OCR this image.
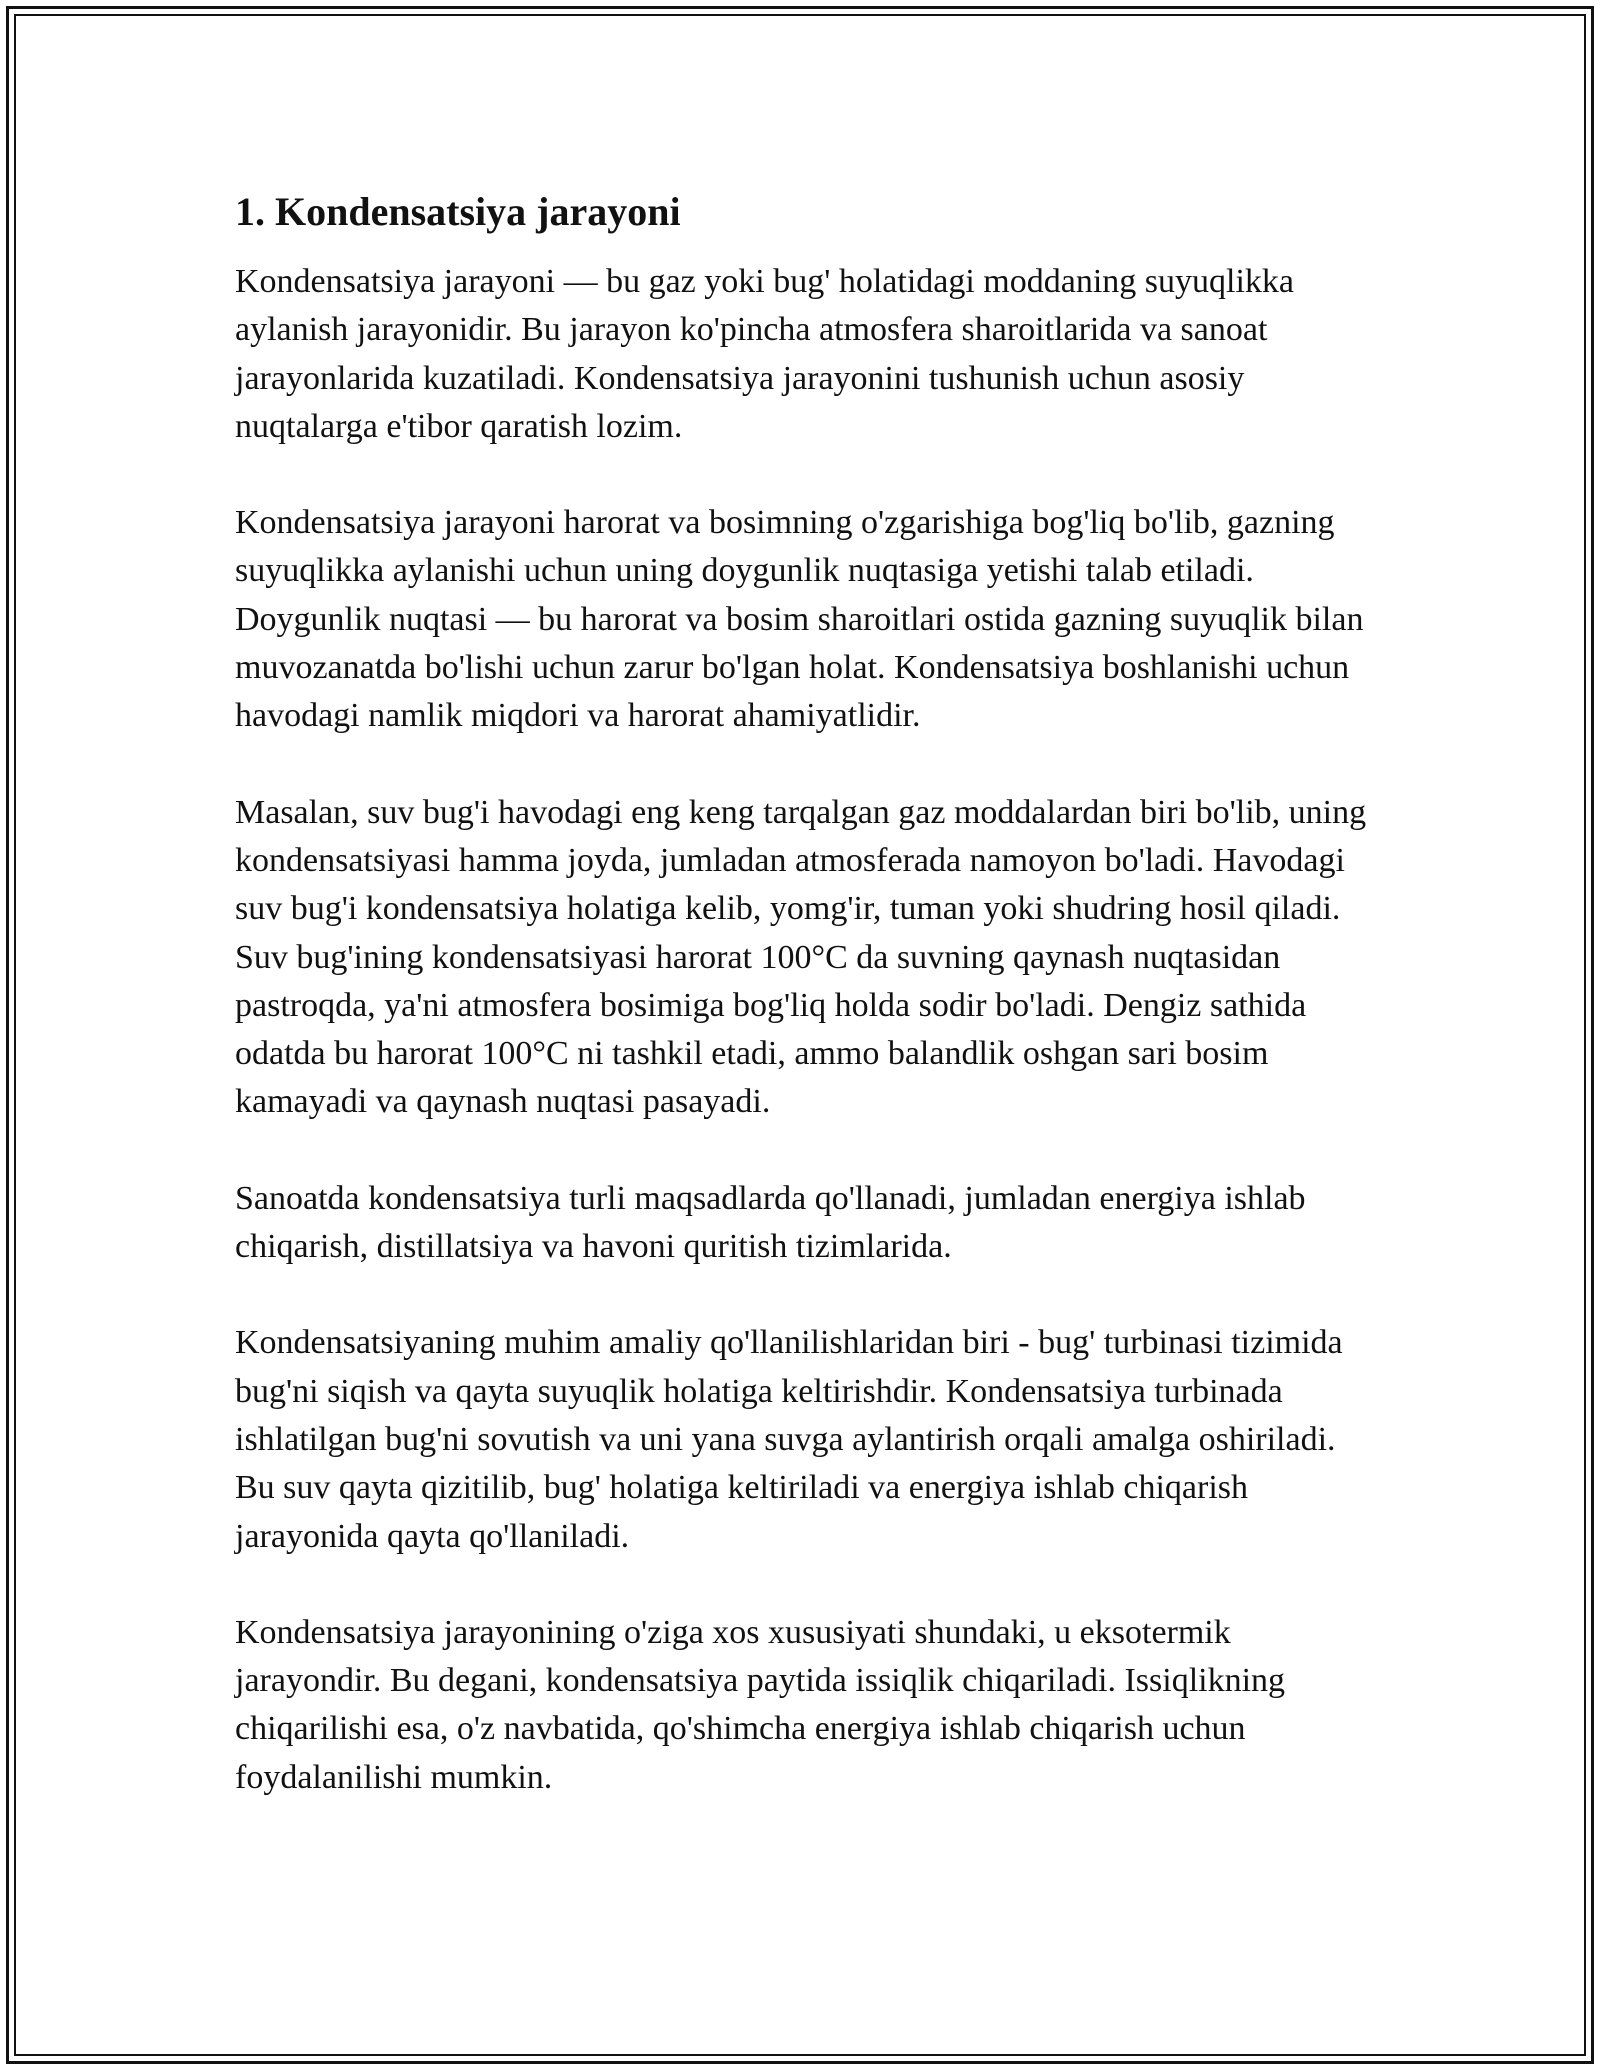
1. Kondensatsiya jarayoni

Kondensatsiya jarayoni — bu gaz yoki bug' holatidagi moddaning suyuqlikka aylanish jarayonidir. Bu jarayon ko'pincha atmosfera sharoitlarida va sanoat jarayonlarida kuzatiladi. Kondensatsiya jarayonini tushunish uchun asosiy nuqtalarga e'tibor qaratish lozim.

Kondensatsiya jarayoni harorat va bosimning o'zgarishiga bog'liq bo'lib, gazning suyuqlikka aylanishi uchun uning doygunlik nuqtasiga yetishi talab etiladi. Doygunlik nuqtasi — bu harorat va bosim sharoitlari ostida gazning suyuqlik bilan muvozanatda bo'lishi uchun zarur bo'lgan holat. Kondensatsiya boshlanishi uchun havodagi namlik miqdori va harorat ahamiyatlidir.

Masalan, suv bug'i havodagi eng keng tarqalgan gaz moddalardan biri bo'lib, uning kondensatsiyasi hamma joyda, jumladan atmosferada namoyon bo'ladi. Havodagi suv bug'i kondensatsiya holatiga kelib, yomg'ir, tuman yoki shudring hosil qiladi. Suv bug'ining kondensatsiyasi harorat 100°C da suvning qaynash nuqtasidan pastroqda, ya'ni atmosfera bosimiga bog'liq holda sodir bo'ladi. Dengiz sathida odatda bu harorat 100°C ni tashkil etadi, ammo balandlik oshgan sari bosim kamayadi va qaynash nuqtasi pasayadi.

Sanoatda kondensatsiya turli maqsadlarda qo'llanadi, jumladan energiya ishlab chiqarish, distillatsiya va havoni quritish tizimlarida.

Kondensatsiyaning muhim amaliy qo'llanilishlaridan biri - bug' turbinasi tizimida bug'ni siqish va qayta suyuqlik holatiga keltirishdir. Kondensatsiya turbinada ishlatilgan bug'ni sovutish va uni yana suvga aylantirish orqali amalga oshiriladi. Bu suv qayta qizitilib, bug' holatiga keltiriladi va energiya ishlab chiqarish jarayonida qayta qo'llaniladi.

Kondensatsiya jarayonining o'ziga xos xususiyati shundaki, u eksotermik jarayondir. Bu degani, kondensatsiya paytida issiqlik chiqariladi. Issiqlikning chiqarilishi esa, o'z navbatida, qo'shimcha energiya ishlab chiqarish uchun foydalanilishi mumkin.
